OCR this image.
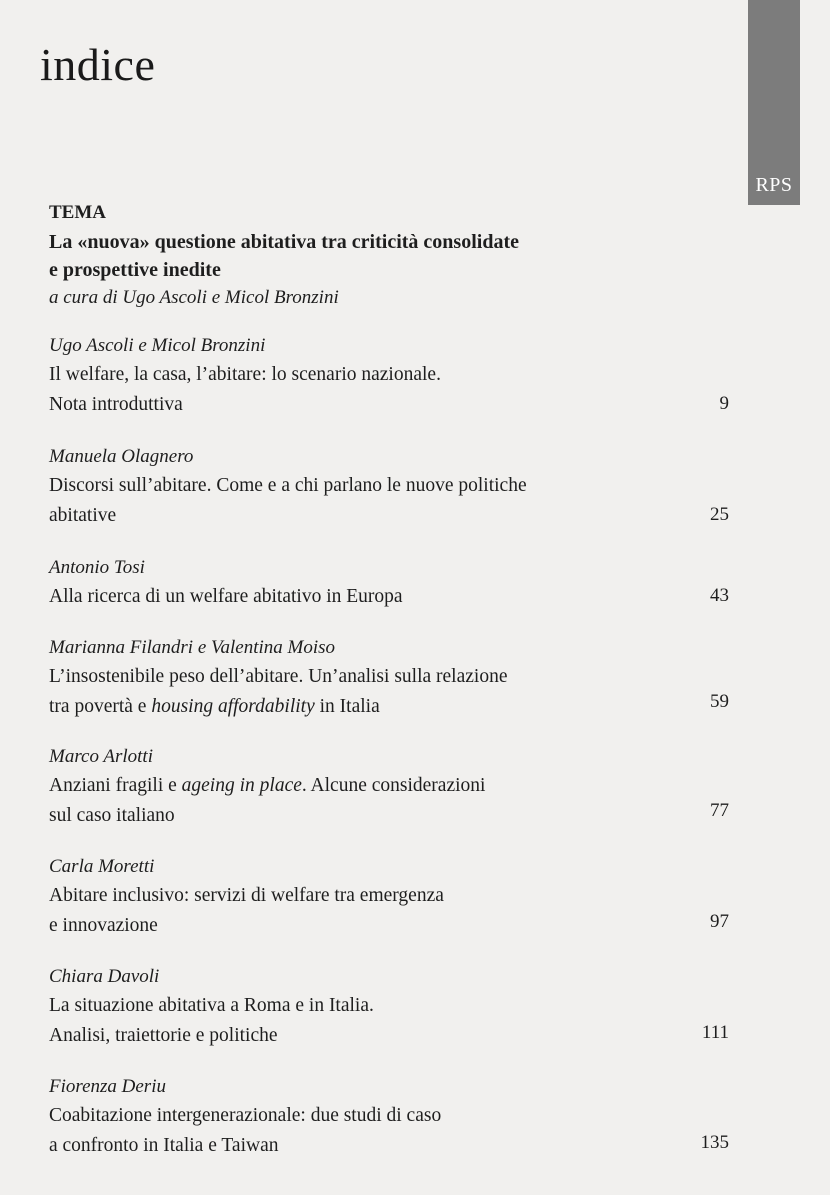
indice
RPS
TEMA
La «nuova» questione abitativa tra criticità consolidate
e prospettive inedite
a cura di Ugo Ascoli e Micol Bronzini
Ugo Ascoli e Micol Bronzini
Il welfare, la casa, l’abitare: lo scenario nazionale.
Nota introduttiva	9
Manuela Olagnero
Discorsi sull’abitare. Come e a chi parlano le nuove politiche
abitative	25
Antonio Tosi
Alla ricerca di un welfare abitativo in Europa	43
Marianna Filandri e Valentina Moiso
L’insostenibile peso dell’abitare. Un’analisi sulla relazione
tra povertà e housing affordability in Italia	59
Marco Arlotti
Anziani fragili e ageing in place. Alcune considerazioni
sul caso italiano	77
Carla Moretti
Abitare inclusivo: servizi di welfare tra emergenza
e innovazione	97
Chiara Davoli
La situazione abitativa a Roma e in Italia.
Analisi, traiettorie e politiche	111
Fiorenza Deriu
Coabitazione intergenerazionale: due studi di caso
a confronto in Italia e Taiwan	135
